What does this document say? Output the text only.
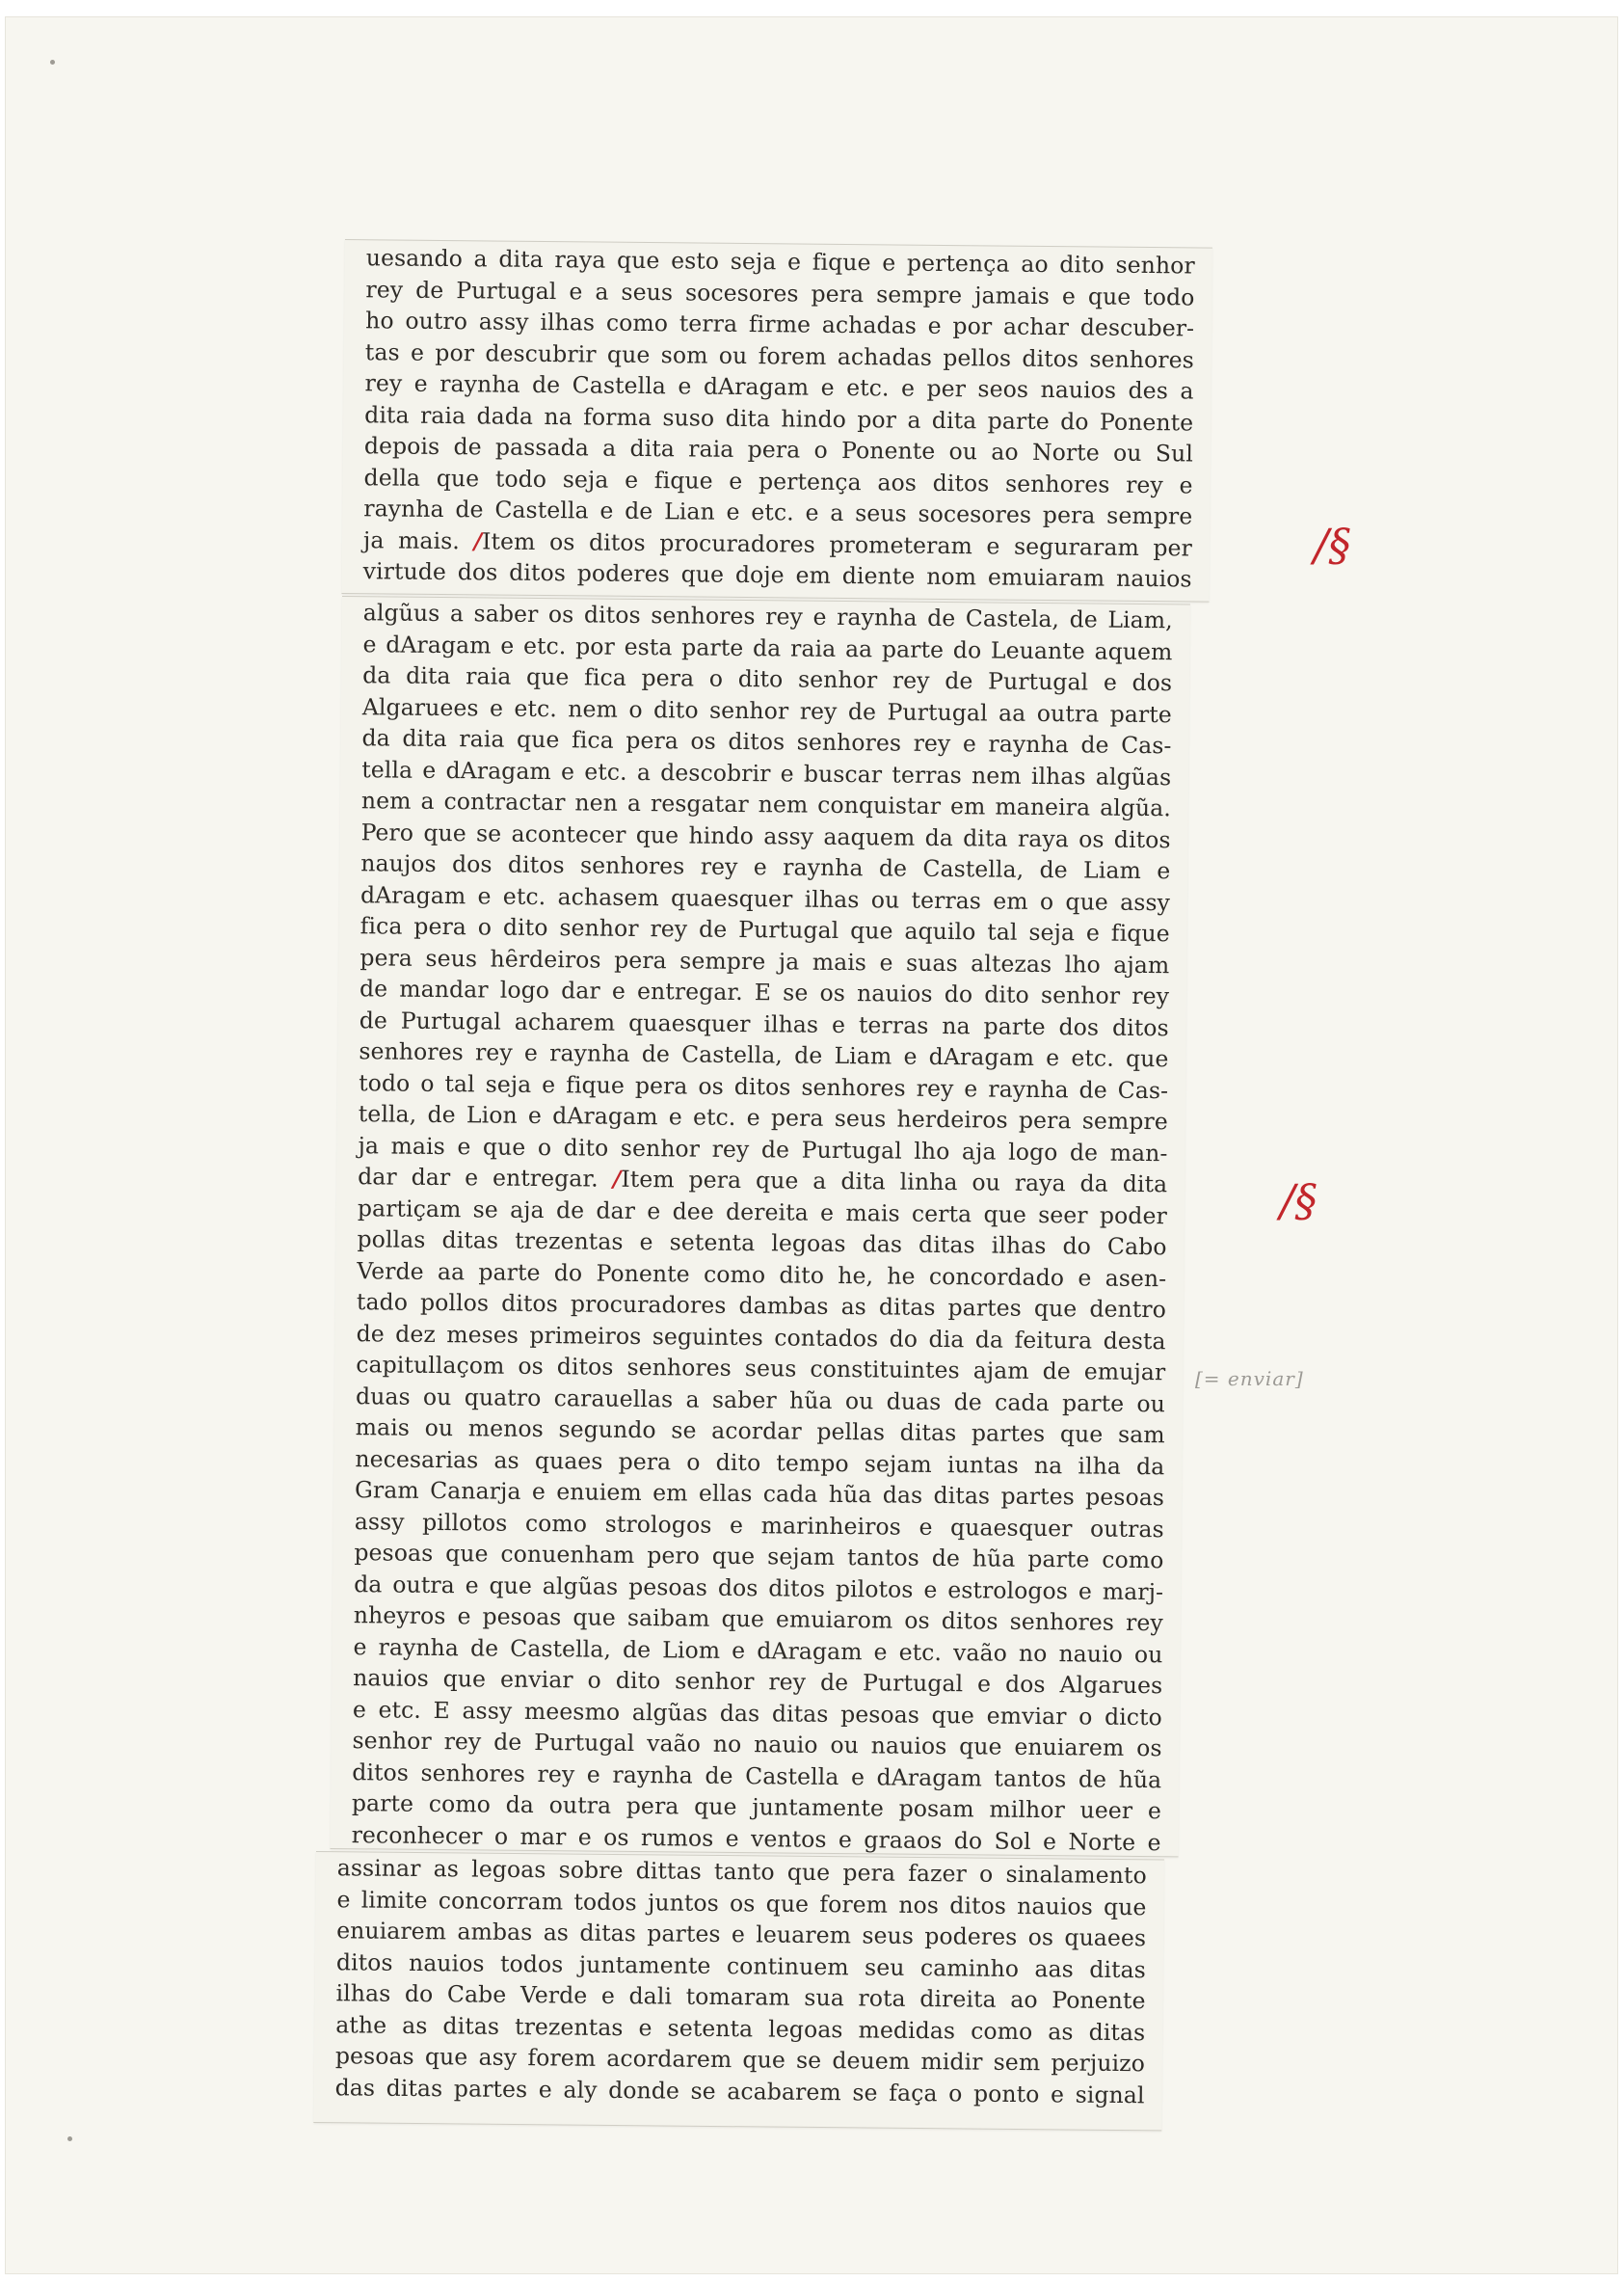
uesando a dita raya que esto seja e fique e pertença ao dito senhor
rey de Purtugal e a seus socesores pera sempre jamais e que todo
ho outro assy ilhas como terra firme achadas e por achar descuber-
tas e por descubrir que som ou forem achadas pellos ditos senhores
rey e raynha de Castella e dAragam e etc. e per seos nauios des a
dita raia dada na forma suso dita hindo por a dita parte do Ponente
depois de passada a dita raia pera o Ponente ou ao Norte ou Sul
della que todo seja e fique e pertença aos ditos senhores rey e
raynha de Castella e de Lian e etc. e a seus socesores pera sempre
ja mais. /Item os ditos procuradores prometeram e seguraram per
virtude dos ditos poderes que doje em diente nom emuiaram nauios
algũus a saber os ditos senhores rey e raynha de Castela, de Liam,
e dAragam e etc. por esta parte da raia aa parte do Leuante aquem
da dita raia que fica pera o dito senhor rey de Purtugal e dos
Algaruees e etc. nem o dito senhor rey de Purtugal aa outra parte
da dita raia que fica pera os ditos senhores rey e raynha de Cas-
tella e dAragam e etc. a descobrir e buscar terras nem ilhas algũas
nem a contractar nen a resgatar nem conquistar em maneira algũa.
Pero que se acontecer que hindo assy aaquem da dita raya os ditos
naujos dos ditos senhores rey e raynha de Castella, de Liam e
dAragam e etc. achasem quaesquer ilhas ou terras em o que assy
fica pera o dito senhor rey de Purtugal que aquilo tal seja e fique
pera seus hȇrdeiros pera sempre ja mais e suas altezas lho ajam
de mandar logo dar e entregar. E se os nauios do dito senhor rey
de Purtugal acharem quaesquer ilhas e terras na parte dos ditos
senhores rey e raynha de Castella, de Liam e dAragam e etc. que
todo o tal seja e fique pera os ditos senhores rey e raynha de Cas-
tella, de Lion e dAragam e etc. e pera seus herdeiros pera sempre
ja mais e que o dito senhor rey de Purtugal lho aja logo de man-
dar dar e entregar. /Item pera que a dita linha ou raya da dita
partiçam se aja de dar e dee dereita e mais certa que seer poder
pollas ditas trezentas e setenta legoas das ditas ilhas do Cabo
Verde aa parte do Ponente como dito he, he concordado e asen-
tado pollos ditos procuradores dambas as ditas partes que dentro
de dez meses primeiros seguintes contados do dia da feitura desta
capitullaçom os ditos senhores seus constituintes ajam de emujar
duas ou quatro carauellas a saber hũa ou duas de cada parte ou
mais ou menos segundo se acordar pellas ditas partes que sam
necesarias as quaes pera o dito tempo sejam iuntas na ilha da
Gram Canarja e enuiem em ellas cada hũa das ditas partes pesoas
assy pillotos como strologos e marinheiros e quaesquer outras
pesoas que conuenham pero que sejam tantos de hũa parte como
da outra e que algũas pesoas dos ditos pilotos e estrologos e marj-
nheyros e pesoas que saibam que emuiarom os ditos senhores rey
e raynha de Castella, de Liom e dAragam e etc. vaão no nauio ou
nauios que enviar o dito senhor rey de Purtugal e dos Algarues
e etc. E assy meesmo algũas das ditas pesoas que emviar o dicto
senhor rey de Purtugal vaão no nauio ou nauios que enuiarem os
ditos senhores rey e raynha de Castella e dAragam tantos de hũa
parte como da outra pera que juntamente posam milhor ueer e
reconhecer o mar e os rumos e ventos e graaos do Sol e Norte e
assinar as legoas sobre dittas tanto que pera fazer o sinalamento
e limite concorram todos juntos os que forem nos ditos nauios que
enuiarem ambas as ditas partes e leuarem seus poderes os quaees
ditos nauios todos juntamente continuem seu caminho aas ditas
ilhas do Cabe Verde e dali tomaram sua rota direita ao Ponente
athe as ditas trezentas e setenta legoas medidas como as ditas
pesoas que asy forem acordarem que se deuem midir sem perjuizo
das ditas partes e aly donde se acabarem se faça o ponto e signal
/§
/§
[= enviar]
